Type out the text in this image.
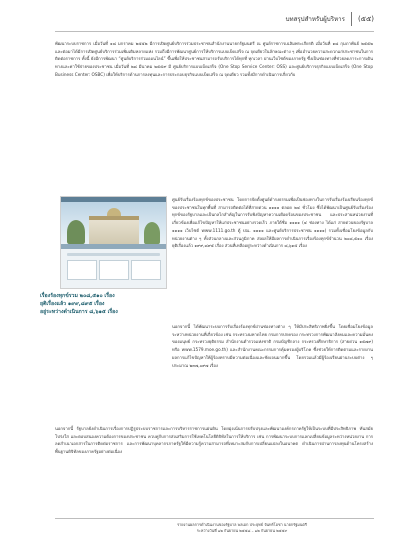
บทสรุปสำหรับผู้บริหาร (๕๕)

พัฒนาระบบราชการ เมื่อวันที่ ๑๘ มกราคม ๒๕๕๒ มีการเปิดศูนย์บริการร่วมประชาชนสำนักงานนายกรัฐมนตรี ณ ศูนย์ราชการเฉลิมพระเกียรติ เมื่อวันที่ ๑๘ กุมภาพันธ์ ๒๕๕๒ และต่อมาได้มีการเปิดศูนย์บริการร่วมเพิ่มเติมหลายแห่ง รวมถึงมีการพัฒนาศูนย์การให้บริการแบบเบ็ดเสร็จ ณ จุดเดียวในลักษณะต่าง ๆ เพื่ออำนวยความสะดวกแก่ประชาชนในการติดต่อราชการ ทั้งนี้ ยังมีการพัฒนา “ศูนย์บริการร่วมออนไลน์” ขึ้นเพื่อให้ประชาชนสามารถรับบริการได้ทุกที่ ทุกเวลา ผ่านเว็บไซต์ของภาครัฐ ซึ่งเป็นช่องทางที่ช่วยลดภาระการเดินทางและค่าใช้จ่ายของประชาชน เมื่อวันที่ ๒๘ มีนาคม ๒๕๕๙ มี ศูนย์บริการแบบเบ็ดเสร็จ (One Stop Service Center: OSS) และศูนย์บริการธุรกิจแบบเบ็ดเสร็จ (One Stop Business Center: OSBC) เพื่อให้บริการด้านการลงทุนและการประกอบธุรกิจแบบเบ็ดเสร็จ ณ จุดเดียว รวมทั้งมีการดำเนินการเกี่ยวกับ

ศูนย์รับเรื่องร้องทุกข์ของประชาชน โดยการจัดตั้งศูนย์ดำรงธรรมเพื่อเป็นช่องทางในการรับเรื่องร้องเรียนร้องทุกข์ของประชาชนในทุกพื้นที่ สามารถติดต่อได้ที่สายด่วน ๑๑๑๑ ตลอด ๒๔ ชั่วโมง ซึ่งได้พัฒนาเป็นศูนย์รับเรื่องร้องทุกข์ของรัฐบาลและเป็นกลไกสำคัญในการรับฟังปัญหาความเดือดร้อนของประชาชน และประสานหน่วยงานที่เกี่ยวข้องเพื่อแก้ไขปัญหาให้แก่ประชาชนอย่างรวดเร็ว ภายใต้ชื่อ ๑๑๑๑ (๔ ช่องทาง ได้แก่ สายด่วนของรัฐบาล ๑๑๑๑ เว็บไซต์ www.1111.go.th ตู้ ปณ. ๑๑๑๑ และศูนย์บริการประชาชน ๑๑๑๑) รวมทั้งเชื่อมโยงข้อมูลกับหน่วยงานต่าง ๆ ทั้งส่วนกลางและส่วนภูมิภาค ส่งผลให้มีผลการดำเนินการเรื่องร้องทุกข์จำนวน ๒๐๘,๕๑๐ เรื่อง ยุติเรื่องแล้ว ๑๙๙,๘๙๕ เรื่อง ส่วนที่เหลืออยู่ระหว่างดำเนินการ ๘,๖๑๕ เรื่อง

เรื่องร้องทุกข์รวม ๒๐๘,๕๑๐ เรื่อง

ยุติเรื่องแล้ว ๑๙๙,๘๙๕ เรื่อง

อยู่ระหว่างดำเนินการ ๘,๖๑๕ เรื่อง

นอกจากนี้ ได้พัฒนาระบบการรับเรื่องร้องทุกข์ผ่านช่องทางต่าง ๆ ให้มีประสิทธิภาพยิ่งขึ้น โดยเชื่อมโยงข้อมูลระหว่างหน่วยงานที่เกี่ยวข้อง เช่น กระทรวงมหาดไทย กรมการปกครอง กระทรวงการพัฒนาสังคมและความมั่นคงของมนุษย์ กระทรวงยุติธรรม สำนักงานตำรวจแห่งชาติ กรมบัญชีกลาง กระทรวงศึกษาธิการ (สายด่วน ๑๕๗๙) หรือ www.1579.moe.go.th) และสำนักงานคณะกรรมการคุ้มครองผู้บริโภค ซึ่งช่วยให้การติดตามและรายงานผลการแก้ไขปัญหาให้ผู้ร้องทราบมีความต่อเนื่องและชัดเจนมากขึ้น โดยรวมแล้วมีผู้ร้องเรียนผ่านระบบต่าง ๆ ประมาณ ๒๓๗,๐๙๗ เรื่อง

นอกจากนี้ รัฐบาลยังดำเนินการเรื่องการปฏิรูประบบราชการและการบริหารราชการแผ่นดิน โดยมุ่งเน้นการปรับปรุงและพัฒนาองค์กรภาครัฐให้เป็นระบบที่มีประสิทธิภาพ ทันสมัย โปร่งใส และตอบสนองความต้องการของประชาชน ควบคู่กับการส่งเสริมการใช้เทคโนโลยีดิจิทัลในการให้บริการ เช่น การพัฒนาระบบการแลกเปลี่ยนข้อมูลระหว่างหน่วยงาน การลดสำเนาเอกสารในการติดต่อราชการ และการพัฒนาบุคลากรภาครัฐให้มีความรู้ความสามารถที่เหมาะสมกับการเปลี่ยนแปลงในอนาคต ดำเนินการผ่านการลงทุนด้านโครงสร้างพื้นฐานดิจิทัลของภาครัฐอย่างต่อเนื่อง

รายงานผลการดำเนินงานของรัฐบาล พลเอก ประยุทธ์ จันทร์โอชา นายกรัฐมนตรี

ระหว่างวันที่ ๑๒ กันยายน ๒๕๕๘ – ๑๒ กันยายน ๒๕๕๙
